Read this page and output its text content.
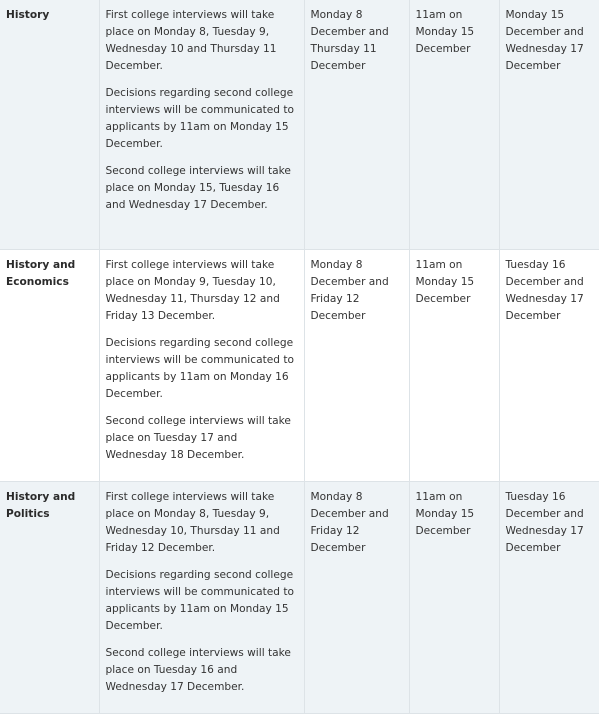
History	First college interviews will take place on Monday 8, Tuesday 9, Wednesday 10 and Thursday 11 December.

Decisions regarding second college interviews will be communicated to applicants by 11am on Monday 15 December.

Second college interviews will take place on Monday 15, Tuesday 16 and Wednesday 17 December.	Monday 8 December and Thursday 11 December	11am on Monday 15 December	Monday 15 December and Wednesday 17 December
History and Economics	First college interviews will take place on Monday 9, Tuesday 10, Wednesday 11, Thursday 12 and Friday 13 December.

Decisions regarding second college interviews will be communicated to applicants by 11am on Monday 16 December.

Second college interviews will take place on Tuesday 17 and Wednesday 18 December.	Monday 8 December and Friday 12 December	11am on Monday 15 December	Tuesday 16 December and Wednesday 17 December
History and Politics	First college interviews will take place on Monday 8, Tuesday 9, Wednesday 10, Thursday 11 and Friday 12 December.

Decisions regarding second college interviews will be communicated to applicants by 11am on Monday 15 December.

Second college interviews will take place on Tuesday 16 and Wednesday 17 December.	Monday 8 December and Friday 12 December	11am on Monday 15 December	Tuesday 16 December and Wednesday 17 December
